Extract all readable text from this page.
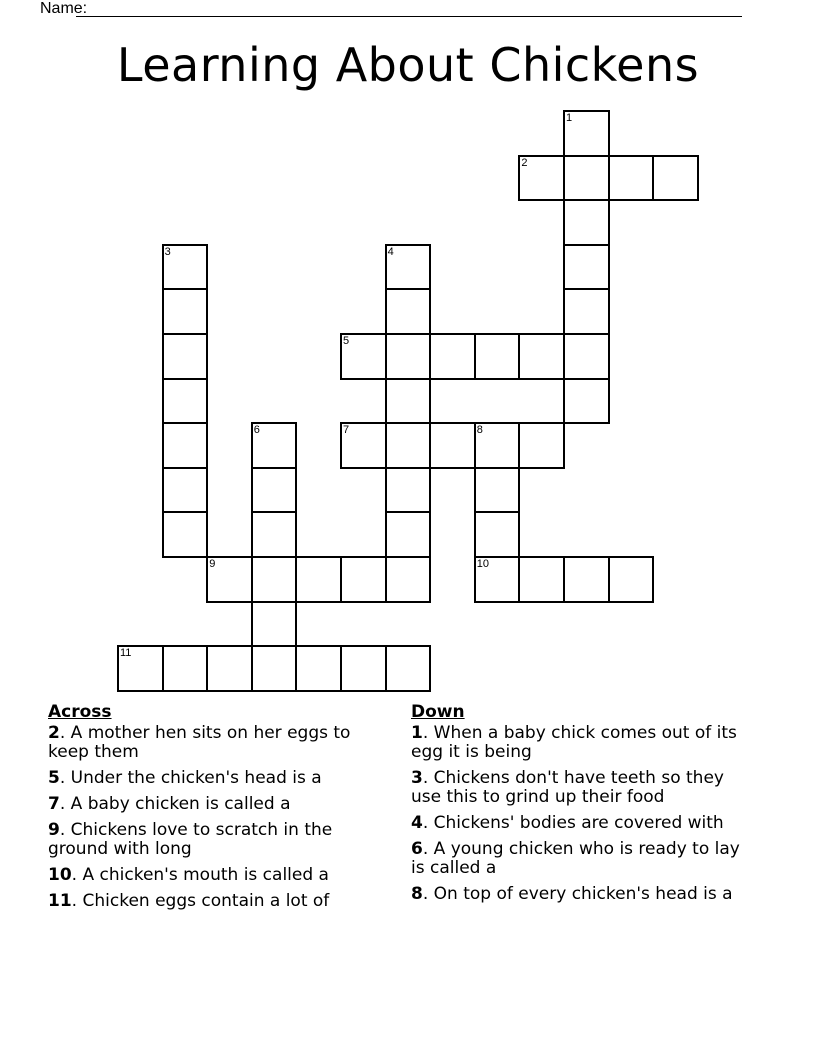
Name:
Learning About Chickens
1
2
3	4
5
6	7	8
10
9
11
Across
2. A mother hen sits on her eggs to keep them
5. Under the chicken's head is a
7. A baby chicken is called a
9. Chickens love to scratch in the ground with long
10. A chicken's mouth is called a
11. Chicken eggs contain a lot of
Down
1. When a baby chick comes out of its egg it is being
3. Chickens don't have teeth so they use this to grind up their food
4. Chickens' bodies are covered with
6. A young chicken who is ready to lay is called a
8. On top of every chicken's head is a
